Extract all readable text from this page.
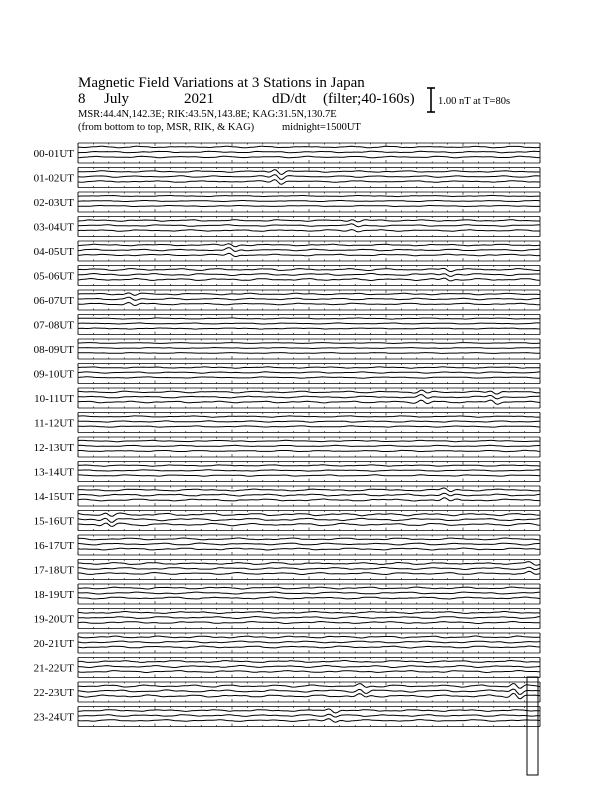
Magnetic Field Variations at 3 Stations in Japan
8 July	2021	dD/dt (filter;40-160s)
MSR:44.4N,142.3E; RIK:43.5N,143.8E; KAG:31.5N,130.7E
(from bottom to top, MSR, RIK, & KAG)	midnight=1500UT
1.00 nT at T=80s
00-01UT
01-02UT
02-03UT
03-04UT
04-05UT
05-06UT
06-07UT
07-08UT
08-09UT
09-10UT
10-11UT
11-12UT
12-13UT
13-14UT
14-15UT
15-16UT
16-17UT
17-18UT
18-19UT
19-20UT
20-21UT
21-22UT
22-23UT
23-24UT
